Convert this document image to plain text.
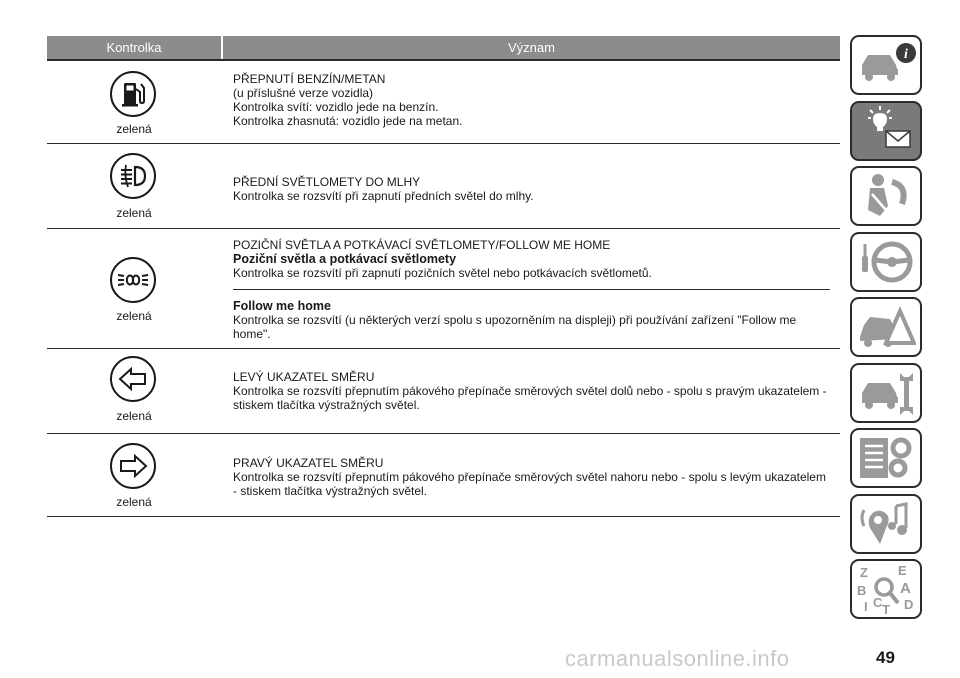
Kontrolka	Význam
zelená
PŘEPNUTÍ BENZÍN/METAN
(u příslušné verze vozidla)
Kontrolka svítí: vozidlo jede na benzín.
Kontrolka zhasnutá: vozidlo jede na metan.
zelená
PŘEDNÍ SVĚTLOMETY DO MLHY
Kontrolka se rozsvítí při zapnutí předních světel do mlhy.
zelená
POZIČNÍ SVĚTLA A POTKÁVACÍ SVĚTLOMETY/FOLLOW ME HOME
Poziční světla a potkávací světlomety
Kontrolka se rozsvítí při zapnutí pozičních světel nebo potkávacích světlometů.
Follow me home
Kontrolka se rozsvítí (u některých verzí spolu s upozorněním na displeji) při používání zařízení "Follow me home".
zelená
LEVÝ UKAZATEL SMĚRU
Kontrolka se rozsvítí přepnutím pákového přepínače směrových světel dolů nebo - spolu s pravým ukazatelem - stiskem tlačítka výstražných světel.
zelená
PRAVÝ UKAZATEL SMĚRU
Kontrolka se rozsvítí přepnutím pákového přepínače směrových světel nahoru nebo - spolu s levým ukazatelem - stiskem tlačítka výstražných světel.
i
Z E
B A
I C T D
carmanualsonline.info	49
